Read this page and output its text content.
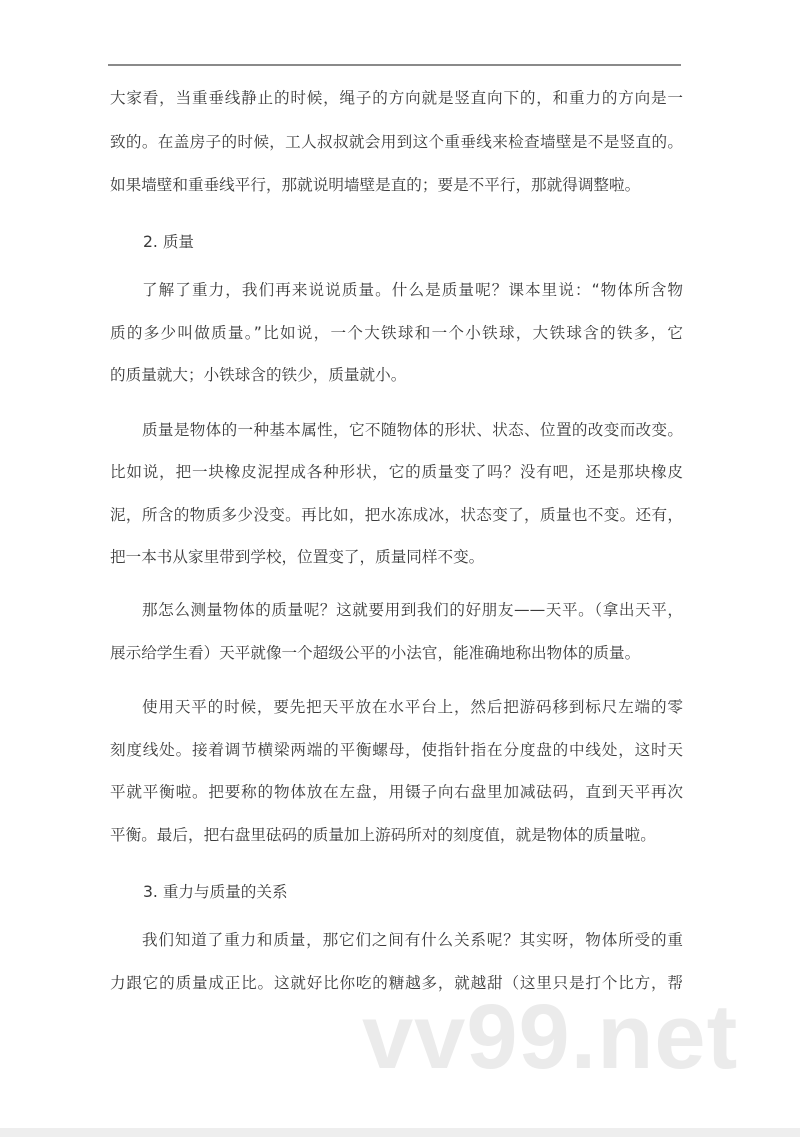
大家看，当重垂线静止的时候，绳子的方向就是竖直向下的，和重力的方向是一
致的。在盖房子的时候，工人叔叔就会用到这个重垂线来检查墙壁是不是竖直的。
如果墙壁和重垂线平行，那就说明墙壁是直的；要是不平行，那就得调整啦。
2. 质量
了解了重力，我们再来说说质量。什么是质量呢？课本里说：“物体所含物
质的多少叫做质量。”比如说，一个大铁球和一个小铁球，大铁球含的铁多，它
的质量就大；小铁球含的铁少，质量就小。
质量是物体的一种基本属性，它不随物体的形状、状态、位置的改变而改变。
比如说，把一块橡皮泥捏成各种形状，它的质量变了吗？没有吧，还是那块橡皮
泥，所含的物质多少没变。再比如，把水冻成冰，状态变了，质量也不变。还有，
把一本书从家里带到学校，位置变了，质量同样不变。
那怎么测量物体的质量呢？这就要用到我们的好朋友——天平。（拿出天平，
展示给学生看）天平就像一个超级公平的小法官，能准确地称出物体的质量。
使用天平的时候，要先把天平放在水平台上，然后把游码移到标尺左端的零
刻度线处。接着调节横梁两端的平衡螺母，使指针指在分度盘的中线处，这时天
平就平衡啦。把要称的物体放在左盘，用镊子向右盘里加减砝码，直到天平再次
平衡。最后，把右盘里砝码的质量加上游码所对的刻度值，就是物体的质量啦。
3. 重力与质量的关系
我们知道了重力和质量，那它们之间有什么关系呢？其实呀，物体所受的重
力跟它的质量成正比。这就好比你吃的糖越多，就越甜（这里只是打个比方，帮
vv99.net
